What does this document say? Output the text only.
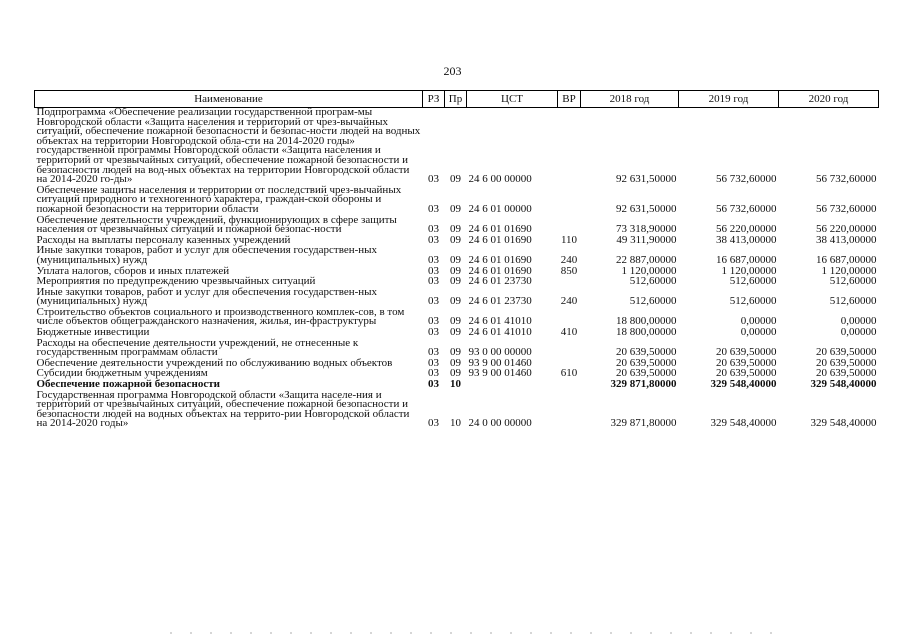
203
Наименование	РЗ	Пр	ЦСТ	ВР	2018 год	2019 год	2020 год
Подпрограмма «Обеспечение реализации государственной програм-мы Новгородской области «Защита населения и территорий от чрез-вычайных ситуаций, обеспечение пожарной безопасности и безопас-ности людей на водных объектах на территории Новгородской обла-сти на 2014-2020 годы» государственной программы Новгородской области «Защита населения и территорий от чрезвычайных ситуаций, обеспечение пожарной безопасности и безопасности людей на вод-ных объектах на территории Новгородской области на 2014-2020 го-ды»	03	09	24 6 00 00000		92 631,50000	56 732,60000	56 732,60000
Обеспечение защиты населения и территории от последствий чрез-вычайных ситуаций природного и техногенного характера, граждан-ской обороны и пожарной безопасности на территории области	03	09	24 6 01 00000		92 631,50000	56 732,60000	56 732,60000
Обеспечение деятельности учреждений, функционирующих в сфере защиты населения от чрезвычайных ситуаций и пожарной безопас-ности	03	09	24 6 01 01690		73 318,90000	56 220,00000	56 220,00000
Расходы на выплаты персоналу казенных учреждений	03	09	24 6 01 01690	110	49 311,90000	38 413,00000	38 413,00000
Иные закупки товаров, работ и услуг для обеспечения государствен-ных (муниципальных) нужд	03	09	24 6 01 01690	240	22 887,00000	16 687,00000	16 687,00000
Уплата налогов, сборов и иных платежей	03	09	24 6 01 01690	850	1 120,00000	1 120,00000	1 120,00000
Мероприятия по предупреждению чрезвычайных ситуаций	03	09	24 6 01 23730		512,60000	512,60000	512,60000
Иные закупки товаров, работ и услуг для обеспечения государствен-ных (муниципальных) нужд	03	09	24 6 01 23730	240	512,60000	512,60000	512,60000
Строительство объектов социального и производственного комплек-сов, в том числе объектов общегражданского назначения, жилья, ин-фраструктуры	03	09	24 6 01 41010		18 800,00000	0,00000	0,00000
Бюджетные инвестиции	03	09	24 6 01 41010	410	18 800,00000	0,00000	0,00000
Расходы на обеспечение деятельности учреждений, не отнесенные к государственным программам области	03	09	93 0 00 00000		20 639,50000	20 639,50000	20 639,50000
Обеспечение деятельности учреждений по обслуживанию водных объектов	03	09	93 9 00 01460		20 639,50000	20 639,50000	20 639,50000
Субсидии бюджетным учреждениям	03	09	93 9 00 01460	610	20 639,50000	20 639,50000	20 639,50000
Обеспечение пожарной безопасности	03	10			329 871,80000	329 548,40000	329 548,40000
Государственная программа Новгородской области «Защита населе-ния и территорий от чрезвычайных ситуаций, обеспечение пожарной безопасности и безопасности людей на водных объектах на террито-рии Новгородской области на 2014-2020 годы»	03	10	24 0 00 00000		329 871,80000	329 548,40000	329 548,40000
